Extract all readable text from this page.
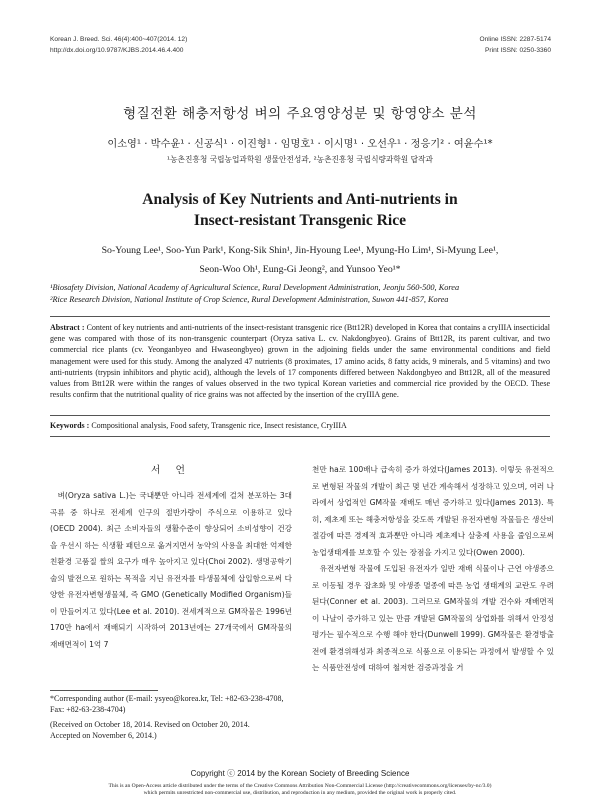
Korean J. Breed. Sci. 46(4):400~407(2014. 12)
http://dx.doi.org/10.9787/KJBS.2014.46.4.400
Online ISSN: 2287-5174
Print ISSN: 0250-3360
형질전환 해충저항성 벼의 주요영양성분 및 항영양소 분석
이소영¹ · 박수윤¹ · 신공식¹ · 이진형¹ · 임명호¹ · 이시명¹ · 오선우¹ · 정응기² · 여윤수¹*
¹농촌진흥청 국립농업과학원 생물안전성과, ²농촌진흥청 국립식량과학원 답작과
Analysis of Key Nutrients and Anti-nutrients in
Insect-resistant Transgenic Rice
So-Young Lee¹, Soo-Yun Park¹, Kong-Sik Shin¹, Jin-Hyoung Lee¹, Myung-Ho Lim¹, Si-Myung Lee¹,
Seon-Woo Oh¹, Eung-Gi Jeong², and Yunsoo Yeo¹*
¹Biosafety Division, National Academy of Agricultural Science, Rural Development Administration, Jeonju 560-500, Korea
²Rice Research Division, National Institute of Crop Science, Rural Development Administration, Suwon 441-857, Korea
Abstract : Content of key nutrients and anti-nutrients of the insect-resistant transgenic rice (Btt12R) developed in Korea that contains a cryIIIA insecticidal gene was compared with those of its non-transgenic counterpart (Oryza sativa L. cv. Nakdongbyeo). Grains of Btt12R, its parent cultivar, and two commercial rice plants (cv. Yeonganbyeo and Hwaseongbyeo) grown in the adjoining fields under the same environmental conditions and field management were used for this study. Among the analyzed 47 nutrients (8 proximates, 17 amino acids, 8 fatty acids, 9 minerals, and 5 vitamins) and two anti-nutrients (trypsin inhibitors and phytic acid), although the levels of 17 components differed between Nakdongbyeo and Btt12R, all of the measured values from Btt12R were within the ranges of values observed in the two typical Korean varieties and commercial rice provided by the OECD. These results confirm that the nutritional quality of rice grains was not affected by the insertion of the cryIIIA gene.
Keywords : Compositional analysis, Food safety, Transgenic rice, Insect resistance, CryIIIA
서 언

벼(Oryza sativa L.)는 국내뿐만 아니라 전세계에 걸쳐 분포하는 3대 곡류 중 하나로 전세계 인구의 절반가량이 주식으로 이용하고 있다(OECD 2004). 최근 소비자들의 생활수준이 향상되어 소비성향이 건강을 우선시 하는 식생활 패턴으로 옮겨지면서 농약의 사용을 최대한 억제한 친환경 고품질 쌀의 요구가 매우 높아지고 있다(Choi 2002). 생명공학기술의 발전으로 원하는 목적을 지닌 유전자를 타생물체에 삽입함으로써 다양한 유전자변형생물체, 즉 GMO (Genetically Modified Organism)들이 만들어지고 있다(Lee et al. 2010). 전세계적으로 GM작물은 1996년 170만 ha에서 재배되기 시작하여 2013년에는 27개국에서 GM작물의 재배면적이 1억 7

천만 ha로 100배나 급속히 증가 하였다(James 2013). 이렇듯 유전적으로 변형된 작물의 개발이 최근 몇 년간 계속해서 성장하고 있으며, 여러 나라에서 상업적인 GM작물 재배도 매년 증가하고 있다(James 2013). 특히, 제초제 또는 해충저항성을 갖도록 개발된 유전자변형 작물들은 생산비 절감에 따른 경제적 효과뿐만 아니라 제초제나 살충제 사용을 줄임으로써 농업생태계를 보호할 수 있는 장점을 가지고 있다(Owen 2000).

유전자변형 작물에 도입된 유전자가 일반 재배 식물이나 근연 야생종으로 이동될 경우 잡초화 및 야생종 멸종에 따른 농업 생태계의 교란도 우려된다(Conner et al. 2003). 그러므로 GM작물의 개발 건수와 재배면적이 나날이 증가하고 있는 만큼 개발된 GM작물의 상업화를 위해서 안정성 평가는 필수적으로 수행 해야 한다(Dunwell 1999). GM작물은 환경방출전에 환경위해성과 최종적으로 식품으로 이용되는 과정에서 발생할 수 있는 식품안전성에 대하여 철저한 검증과정을 거

*Corresponding author (E-mail: ysyeo@korea.kr, Tel: +82-63-238-4708, Fax: +82-63-238-4704)
(Received on October 18, 2014. Revised on October 20, 2014.
Accepted on November 6, 2014.)
Copyright ⓒ 2014 by the Korean Society of Breeding Science
This is an Open-Access article distributed under the terms of the Creative Commons Attribution Non-Commercial License (http://creativecommons.org/licenses/by-nc/3.0)
which permits unrestricted non-commercial use, distribution, and reproduction in any medium, provided the original work is properly cited.
